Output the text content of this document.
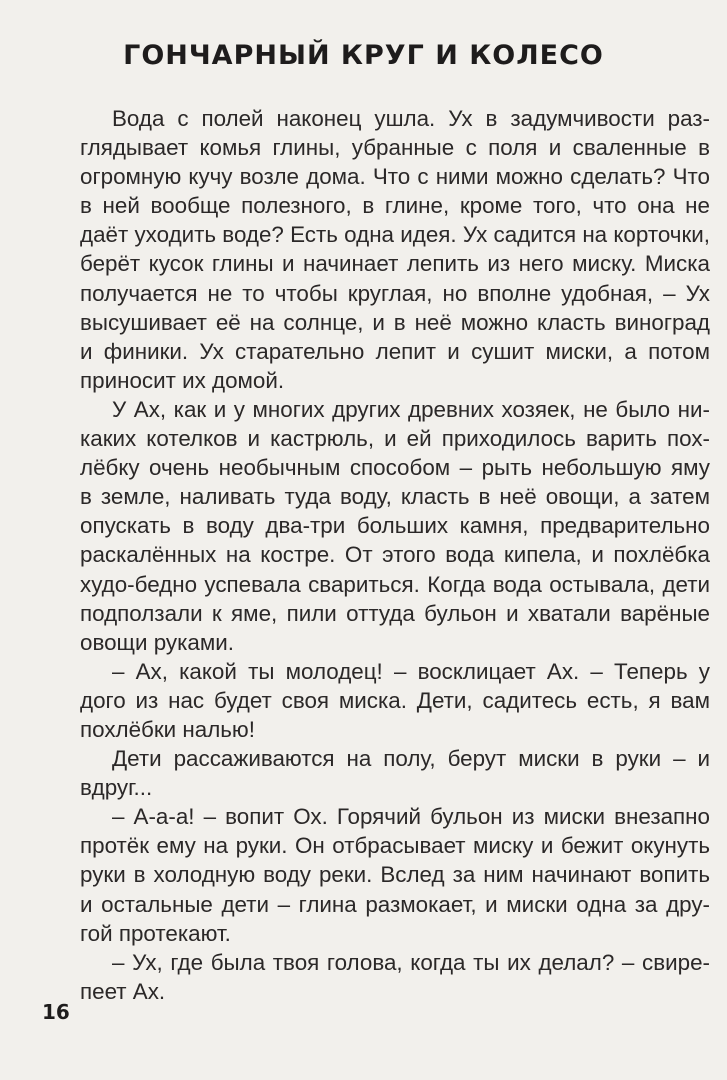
ГОНЧАРНЫЙ КРУГ И КОЛЕСО
Вода с полей наконец ушла. Ух в задумчивости раз-
глядывает комья глины, убранные с поля и сваленные в
огромную кучу возле дома. Что с ними можно сделать? Что
в ней вообще полезного, в глине, кроме того, что она не
даёт уходить воде? Есть одна идея. Ух садится на корточки,
берёт кусок глины и начинает лепить из него миску. Миска
получается не то чтобы круглая, но вполне удобная, – Ух
высушивает её на солнце, и в неё можно класть виноград
и финики. Ух старательно лепит и сушит миски, а потом
приносит их домой.
У Ах, как и у многих других древних хозяек, не было ни-
каких котелков и кастрюль, и ей приходилось варить пох-
лёбку очень необычным способом – рыть небольшую яму
в земле, наливать туда воду, класть в неё овощи, а затем
опускать в воду два-три больших камня, предварительно
раскалённых на костре. От этого вода кипела, и похлёбка
худо-бедно успевала свариться. Когда вода остывала, дети
подползали к яме, пили оттуда бульон и хватали варёные
овощи руками.
– Ах, какой ты молодец! – восклицает Ах. – Теперь у
дого из нас будет своя миска. Дети, садитесь есть, я вам
похлёбки налью!
Дети рассаживаются на полу, берут миски в руки – и
вдруг...
– А-а-а! – вопит Ох. Горячий бульон из миски внезапно
протёк ему на руки. Он отбрасывает миску и бежит окунуть
руки в холодную воду реки. Вслед за ним начинают вопить
и остальные дети – глина размокает, и миски одна за дру-
гой протекают.
– Ух, где была твоя голова, когда ты их делал? – свире-
пеет Ах.
16
